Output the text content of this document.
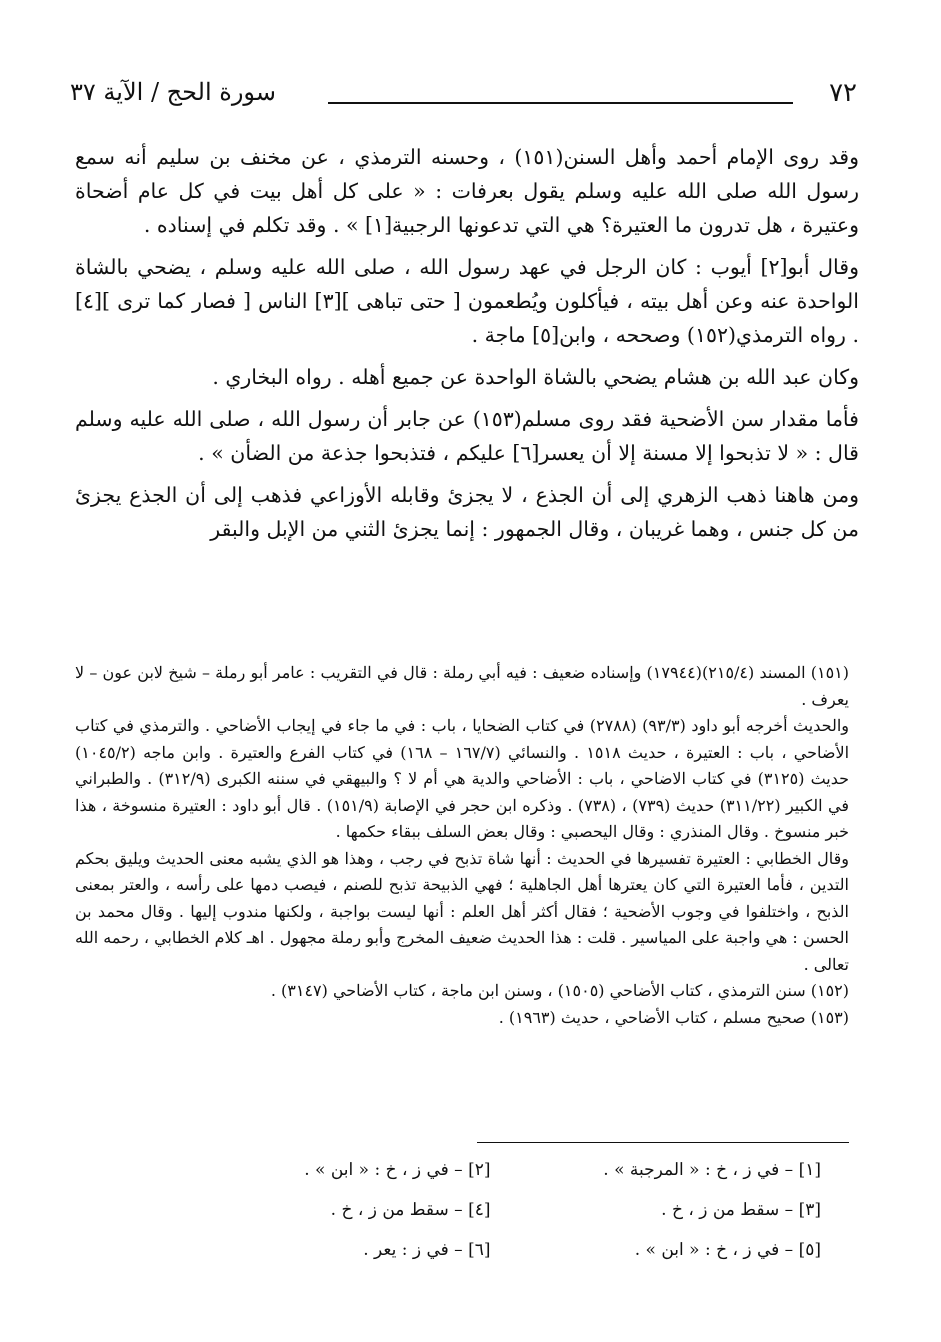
٧٢
سورة الحج / الآية ٣٧

وقد روى الإمام أحمد وأهل السنن(١٥١) ، وحسنه الترمذي ، عن مخنف بن سليم أنه سمع رسول الله صلى الله عليه وسلم يقول بعرفات : « على كل أهل بيت في كل عام أضحاة وعتيرة ، هل تدرون ما العتيرة؟ هي التي تدعونها الرجبية[١] » . وقد تكلم في إسناده .

وقال أبو[٢] أيوب : كان الرجل في عهد رسول الله ، صلى الله عليه وسلم ، يضحي بالشاة الواحدة عنه وعن أهل بيته ، فيأكلون ويُطعمون [ حتى تباهى ][٣] الناس [ فصار كما ترى ][٤] . رواه الترمذي(١٥٢) وصححه ، وابن[٥] ماجة .

وكان عبد الله بن هشام يضحي بالشاة الواحدة عن جميع أهله . رواه البخاري .

فأما مقدار سن الأضحية فقد روى مسلم(١٥٣) عن جابر أن رسول الله ، صلى الله عليه وسلم قال : « لا تذبحوا إلا مسنة إلا أن يعسر[٦] عليكم ، فتذبحوا جذعة من الضأن » .

ومن هاهنا ذهب الزهري إلى أن الجذع ، لا يجزئ وقابله الأوزاعي فذهب إلى أن الجذع يجزئ من كل جنس ، وهما غريبان ، وقال الجمهور : إنما يجزئ الثني من الإبل والبقر

(١٥١) المسند (٢١٥/٤)(١٧٩٤٤) وإسناده ضعيف : فيه أبي رملة : قال في التقريب : عامر أبو رملة – شيخ لابن عون – لا يعرف .

والحديث أخرجه أبو داود (٩٣/٣) (٢٧٨٨) في كتاب الضحايا ، باب : في ما جاء في إيجاب الأضاحي . والترمذي في كتاب الأضاحي ، باب : العتيرة ، حديث ١٥١٨ . والنسائي (١٦٧/٧ – ١٦٨) في كتاب الفرع والعتيرة . وابن ماجه (١٠٤٥/٢) حديث (٣١٢٥) في كتاب الاضاحي ، باب : الأضاحي والدية هي أم لا ؟ والبيهقي في سننه الكبرى (٣١٢/٩) . والطبراني في الكبير (٣١١/٢٢) حديث (٧٣٩) ، (٧٣٨) . وذكره ابن حجر في الإصابة (١٥١/٩) . قال أبو داود : العتيرة منسوخة ، هذا خبر منسوخ . وقال المنذري : وقال اليحصبي : وقال بعض السلف ببقاء حكمها .

وقال الخطابي : العتيرة تفسيرها في الحديث : أنها شاة تذبح في رجب ، وهذا هو الذي يشبه معنى الحديث ويليق بحكم التدين ، فأما العتيرة التي كان يعترها أهل الجاهلية ؛ فهي الذبيحة تذبح للصنم ، فيصب دمها على رأسه ، والعتر بمعنى الذبح ، واختلفوا في وجوب الأضحية ؛ فقال أكثر أهل العلم : أنها ليست بواجبة ، ولكنها مندوب إليها . وقال محمد بن الحسن : هي واجبة على المياسير . قلت : هذا الحديث ضعيف المخرج وأبو رملة مجهول . اهـ كلام الخطابي ، رحمه الله تعالى .

(١٥٢) سنن الترمذي ، كتاب الأضاحي (١٥٠٥) ، وسنن ابن ماجة ، كتاب الأضاحي (٣١٤٧) .

(١٥٣) صحيح مسلم ، كتاب الأضاحي ، حديث (١٩٦٣) .

[١] – في ز ، خ : « المرجبة » .
[٢] – في ز ، خ : « ابن » .
[٣] – سقط من ز ، خ .
[٤] – سقط من ز ، خ .
[٥] – في ز ، خ : « ابن » .
[٦] – في ز : يعر .
